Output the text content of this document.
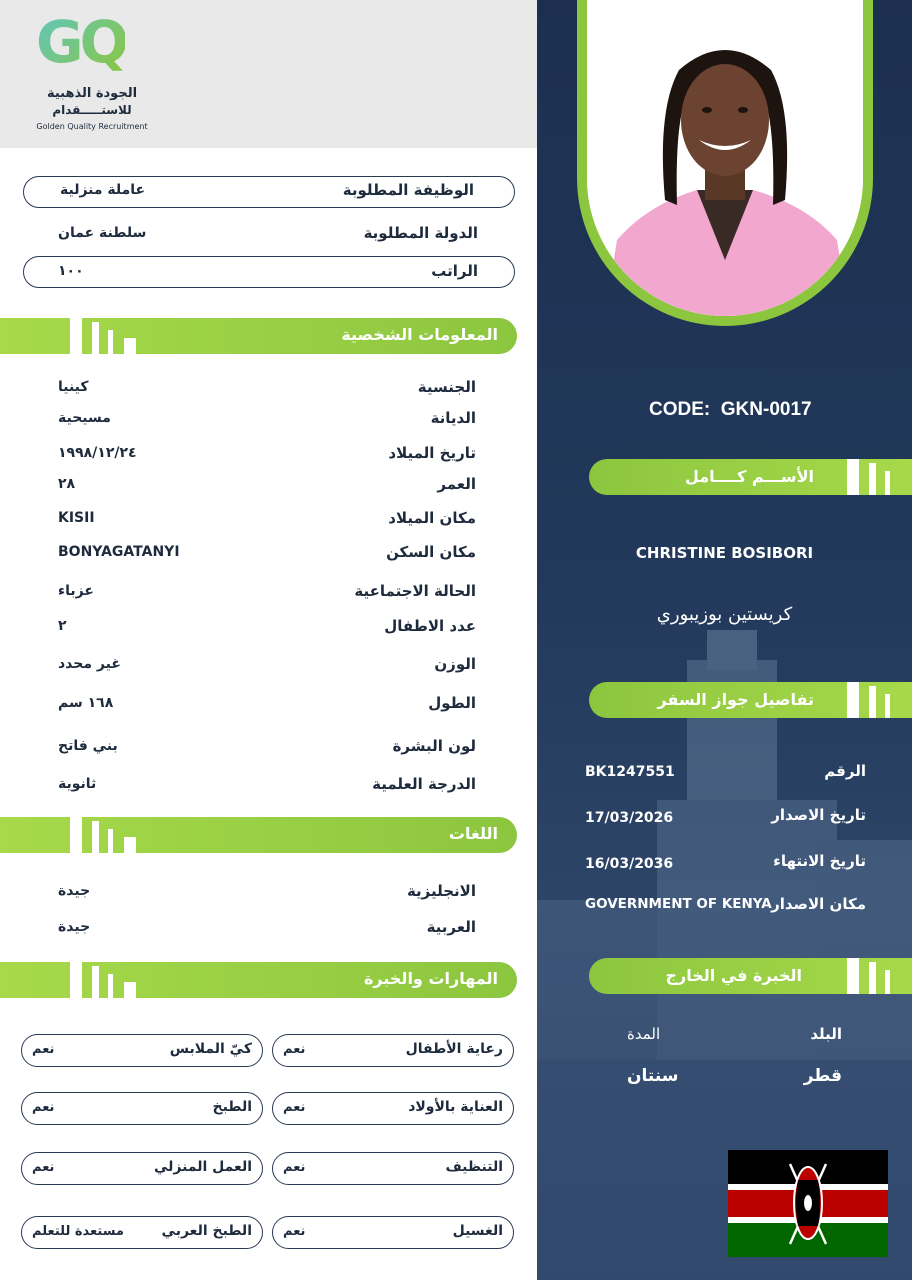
GQ
الجودة الذهبية
للاستـــــقدام
Golden Quality Recruitment
الوظيفة المطلوبة
عاملة منزلية
الدولة المطلوبة
سلطنة عمان
الراتب
١٠٠
المعلومات الشخصية
الجنسية
كينيا
الديانة
مسيحية
تاريخ الميلاد
١٩٩٨/١٢/٢٤
العمر
٢٨
مكان الميلاد
KISII
مكان السكن
BONYAGATANYI
الحالة الاجتماعية
عزباء
عدد الاطفال
٢
الوزن
غير محدد
الطول
١٦٨ سم
لون البشرة
بني فاتح
الدرجة العلمية
ثانوية
اللغات
الانجليزية
جيدة
العربية
جيدة
المهارات والخبرة
رعاية الأطفال
نعم
كيّ الملابس
نعم
العناية بالأولاد
نعم
الطبخ
نعم
التنظيف
نعم
العمل المنزلي
نعم
الغسيل
نعم
الطبخ العربي
مستعدة للتعلم
CODE:  GKN-0017
الأســـم كــــامل
CHRISTINE BOSIBORI
كريستين بوزيبوري
تفاصيل جواز السفر
الرقم
BK1247551
تاريخ الاصدار
17/03/2026
تاريخ الانتهاء
16/03/2036
مكان الاصدار
GOVERNMENT OF KENYA
الخبرة في الخارج
البلد
المدة
قطر
سنتان
